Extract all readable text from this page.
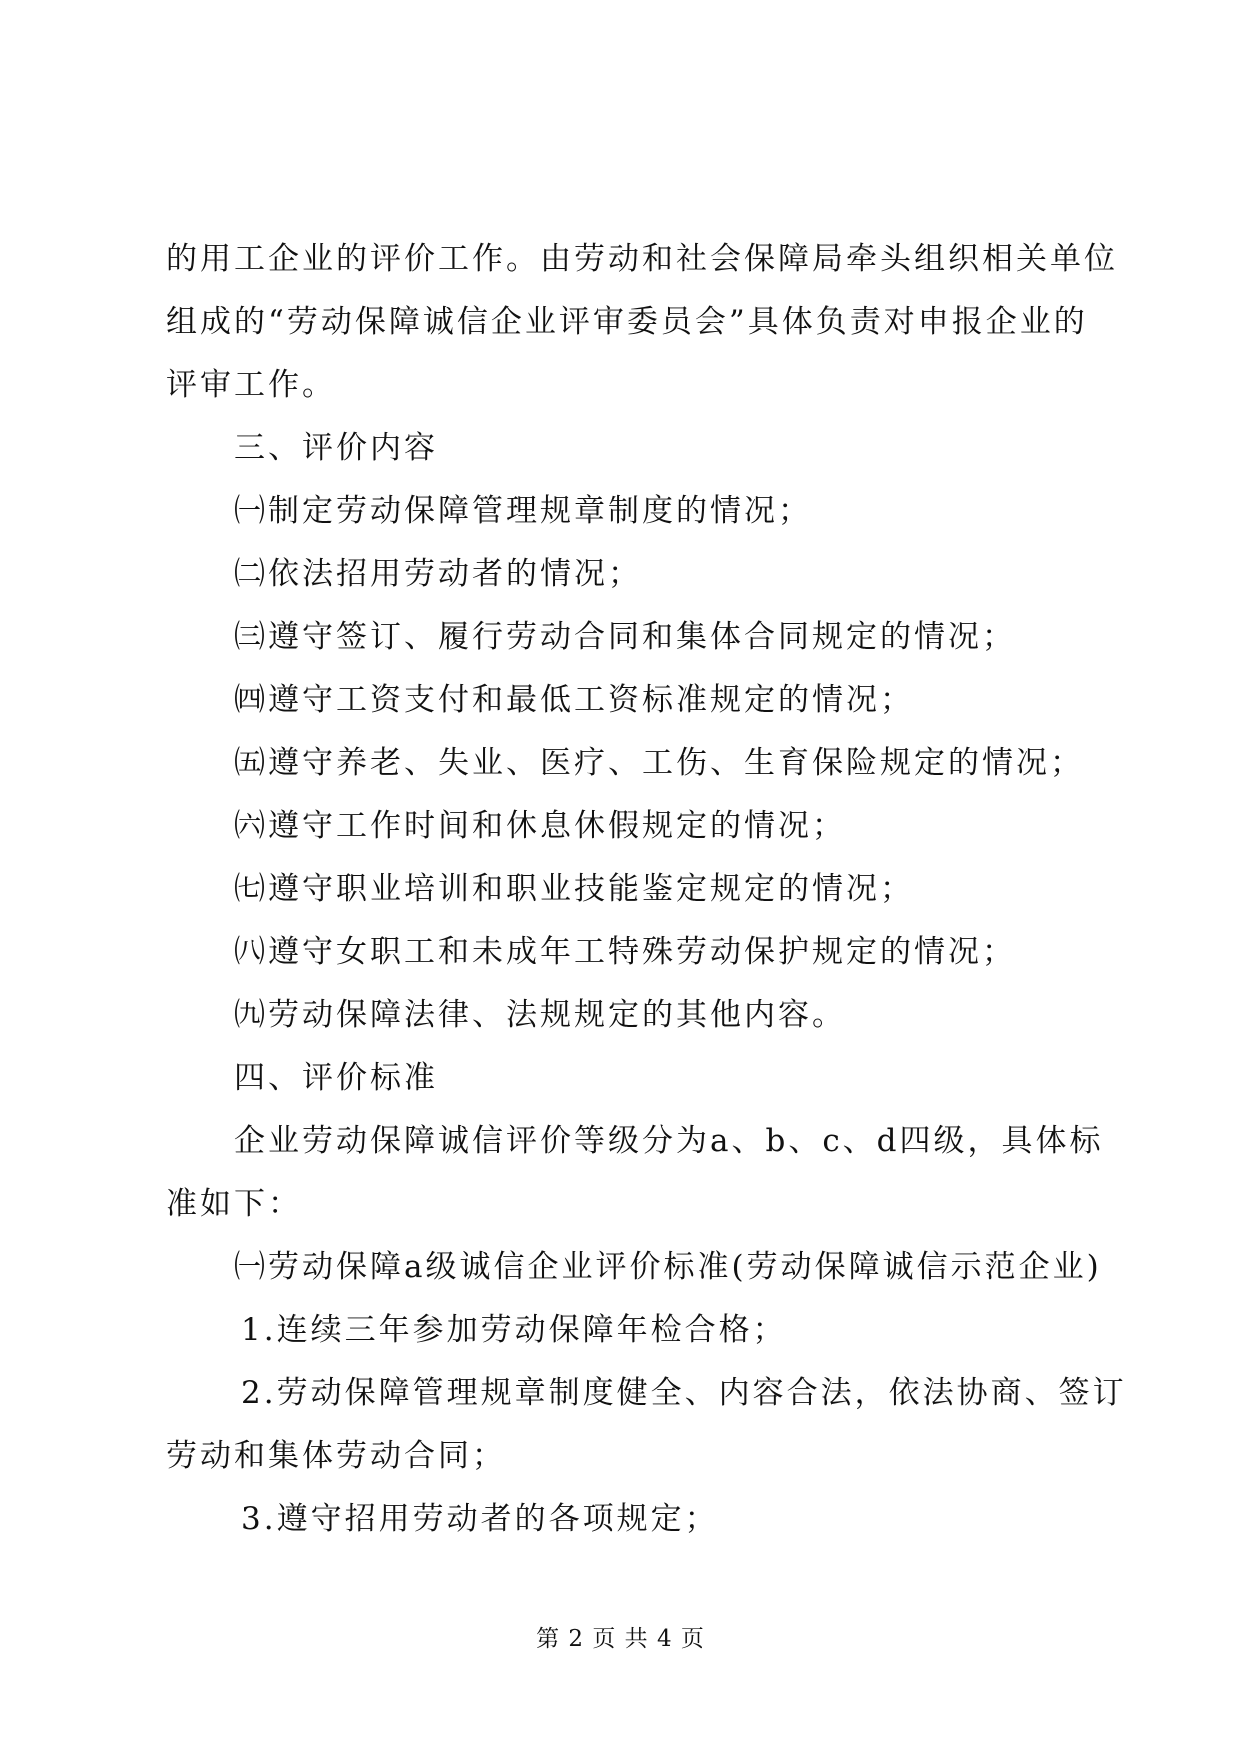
的用工企业的评价工作。由劳动和社会保障局牵头组织相关单位

组成的“劳动保障诚信企业评审委员会”具体负责对申报企业的

评审工作。

三、评价内容

㈠制定劳动保障管理规章制度的情况；

㈡依法招用劳动者的情况；

㈢遵守签订、履行劳动合同和集体合同规定的情况；

㈣遵守工资支付和最低工资标准规定的情况；

㈤遵守养老、失业、医疗、工伤、生育保险规定的情况；

㈥遵守工作时间和休息休假规定的情况；

㈦遵守职业培训和职业技能鉴定规定的情况；

㈧遵守女职工和未成年工特殊劳动保护规定的情况；

㈨劳动保障法律、法规规定的其他内容。

四、评价标准

企业劳动保障诚信评价等级分为a、b、c、d四级，具体标

准如下：

㈠劳动保障a级诚信企业评价标准(劳动保障诚信示范企业)

1.连续三年参加劳动保障年检合格；

2.劳动保障管理规章制度健全、内容合法，依法协商、签订

劳动和集体劳动合同；

3.遵守招用劳动者的各项规定；

第 2 页 共 4 页
